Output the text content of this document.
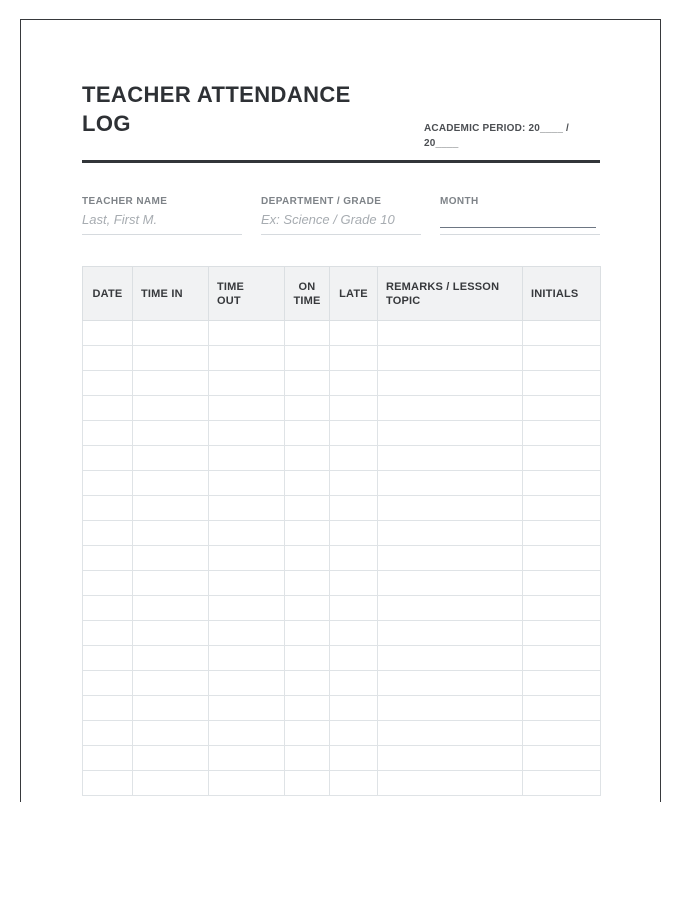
TEACHER ATTENDANCE LOG	ACADEMIC PERIOD: 20____ / 20____
TEACHER NAME
Last, First M.
DEPARTMENT / GRADE
Ex: Science / Grade 10
MONTH
DATE	TIME IN	TIME OUT	ON TIME	LATE	REMARKS / LESSON TOPIC	INITIALS
